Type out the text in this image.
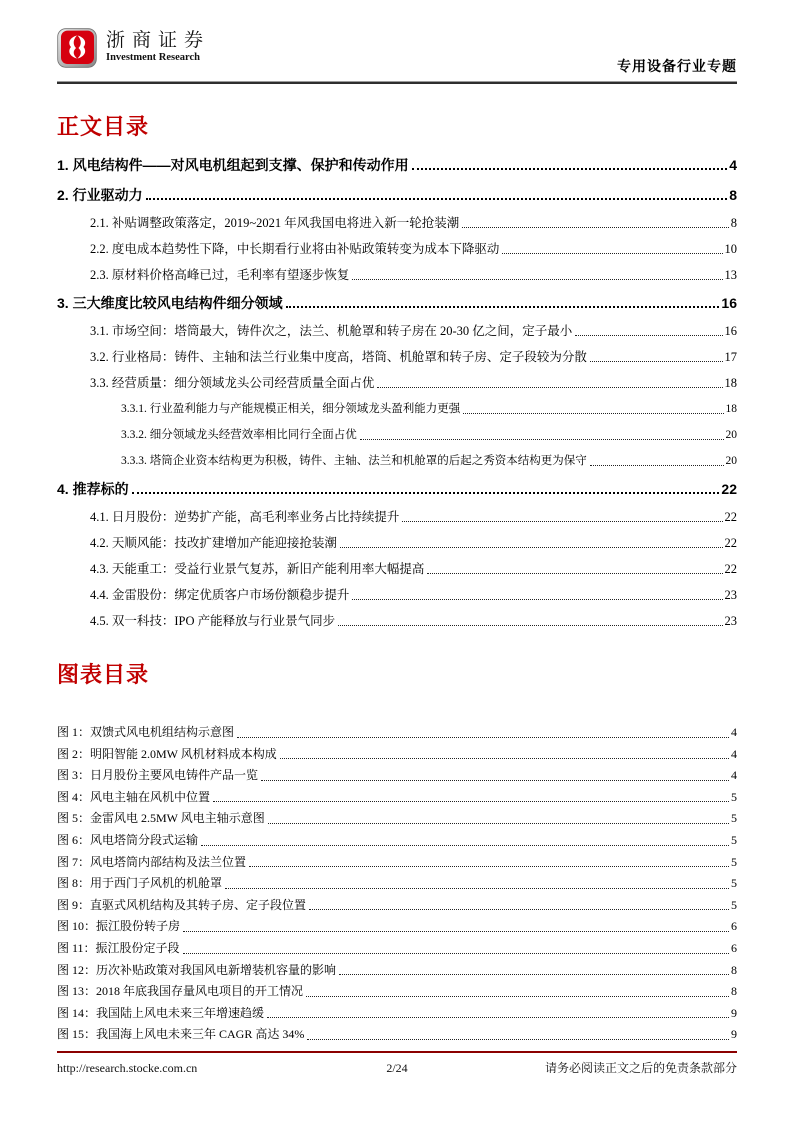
浙商证券
Investment Research
专用设备行业专题
正文目录
1. 风电结构件——对风电机组起到支撑、保护和传动作用	4
2. 行业驱动力	8
2.1. 补贴调整政策落定，2019~2021 年风我国电将进入新一轮抢装潮	8
2.2. 度电成本趋势性下降，中长期看行业将由补贴政策转变为成本下降驱动	10
2.3. 原材料价格高峰已过，毛利率有望逐步恢复	13
3. 三大维度比较风电结构件细分领域	16
3.1. 市场空间：塔筒最大，铸件次之，法兰、机舱罩和转子房在 20-30 亿之间，定子最小	16
3.2. 行业格局：铸件、主轴和法兰行业集中度高，塔筒、机舱罩和转子房、定子段较为分散	17
3.3. 经营质量：细分领域龙头公司经营质量全面占优	18
3.3.1. 行业盈利能力与产能规模正相关，细分领域龙头盈利能力更强	18
3.3.2. 细分领域龙头经营效率相比同行全面占优	20
3.3.3. 塔筒企业资本结构更为积极，铸件、主轴、法兰和机舱罩的后起之秀资本结构更为保守	20
4. 推荐标的	22
4.1. 日月股份：逆势扩产能，高毛利率业务占比持续提升	22
4.2. 天顺风能：技改扩建增加产能迎接抢装潮	22
4.3. 天能重工：受益行业景气复苏，新旧产能利用率大幅提高	22
4.4. 金雷股份：绑定优质客户市场份额稳步提升	23
4.5. 双一科技：IPO 产能释放与行业景气同步	23
图表目录
图 1：双馈式风电机组结构示意图	4
图 2：明阳智能 2.0MW 风机材料成本构成	4
图 3：日月股份主要风电铸件产品一览	4
图 4：风电主轴在风机中位置	5
图 5：金雷风电 2.5MW 风电主轴示意图	5
图 6：风电塔筒分段式运输	5
图 7：风电塔筒内部结构及法兰位置	5
图 8：用于西门子风机的机舱罩	5
图 9：直驱式风机结构及其转子房、定子段位置	5
图 10：振江股份转子房	6
图 11：振江股份定子段	6
图 12：历次补贴政策对我国风电新增装机容量的影响	8
图 13：2018 年底我国存量风电项目的开工情况	8
图 14：我国陆上风电未来三年增速趋缓	9
图 15：我国海上风电未来三年 CAGR 高达 34%	9
http://research.stocke.com.cn	2/24	请务必阅读正文之后的免责条款部分
